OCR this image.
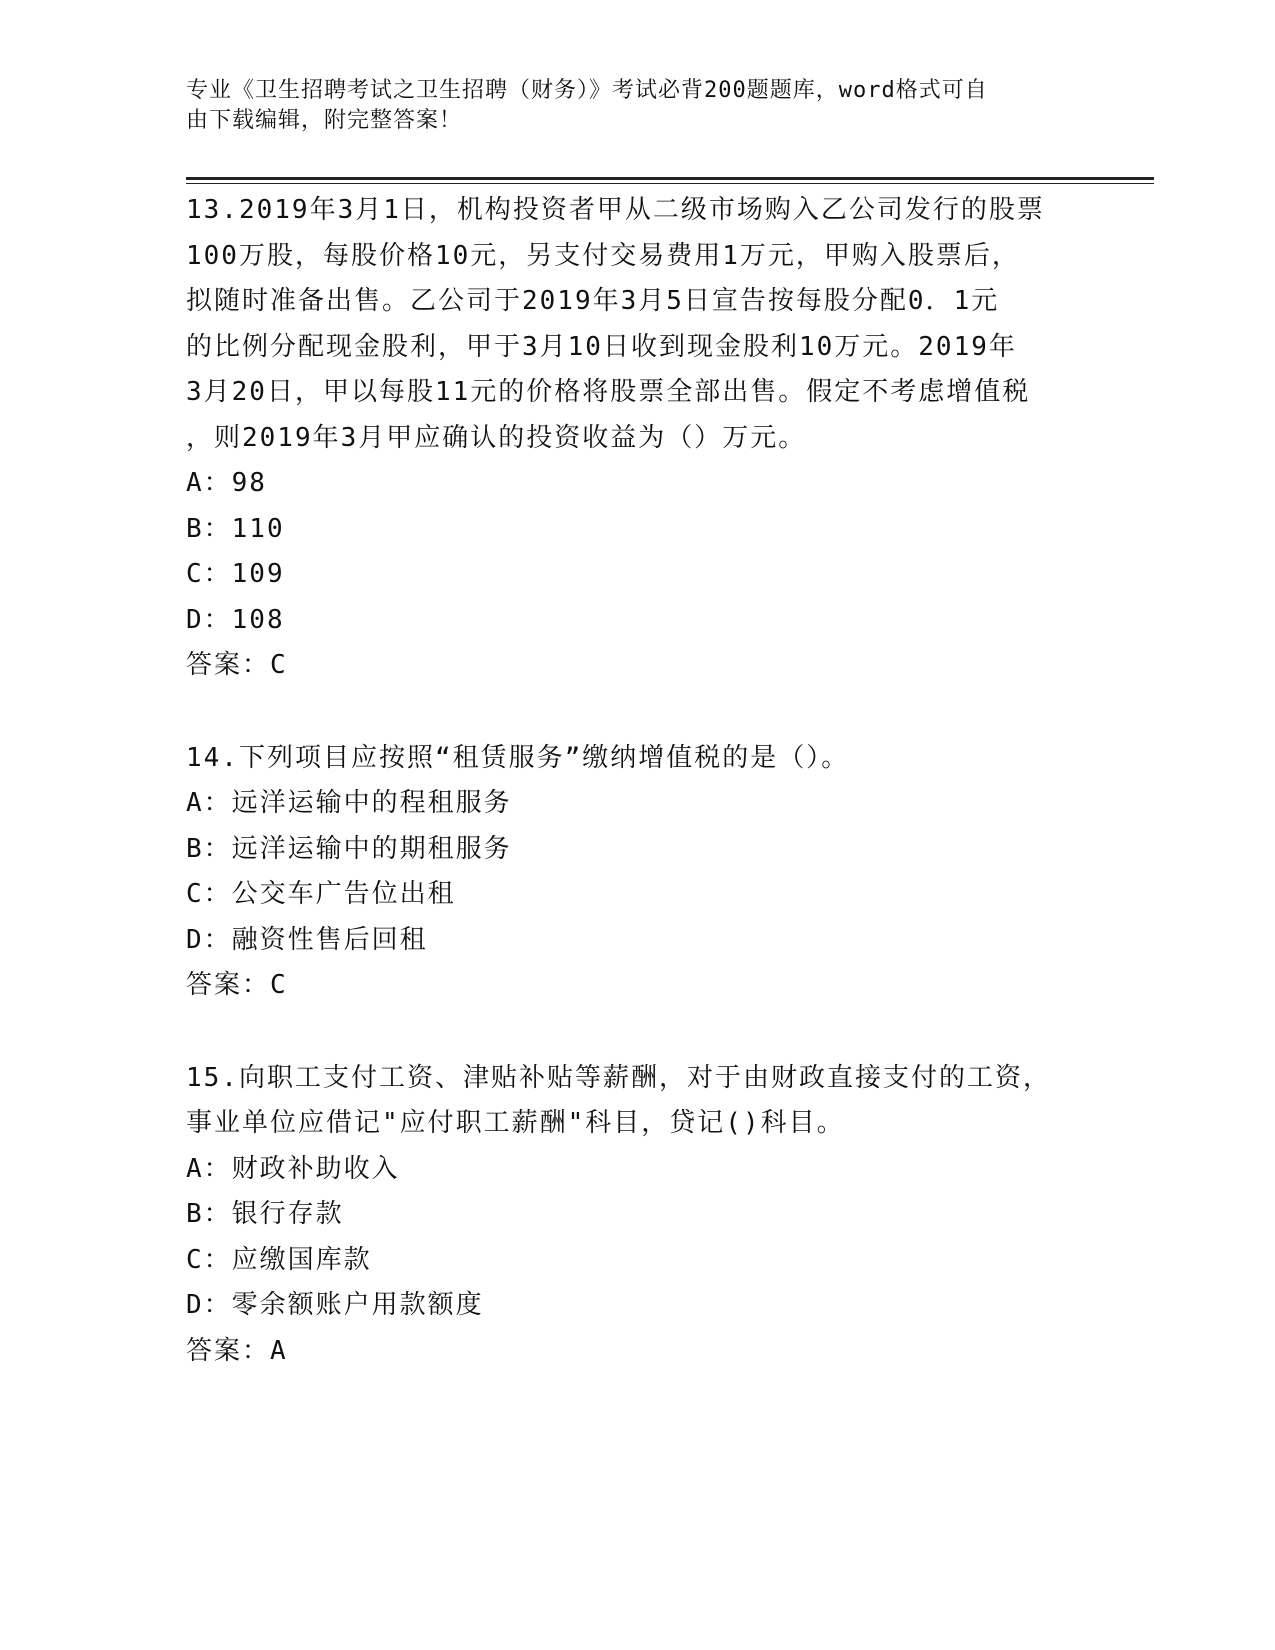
专业《卫生招聘考试之卫生招聘（财务）》考试必背200题题库，word格式可自
由下载编辑，附完整答案！
13.2019年3月1日，机构投资者甲从二级市场购入乙公司发行的股票
100万股，每股价格10元，另支付交易费用1万元，甲购入股票后，
拟随时准备出售。乙公司于2019年3月5日宣告按每股分配0．1元
的比例分配现金股利，甲于3月10日收到现金股利10万元。2019年
3月20日，甲以每股11元的价格将股票全部出售。假定不考虑增值税
，则2019年3月甲应确认的投资收益为（）万元。
A：98
B：110
C：109
D：108
答案：C
14.下列项目应按照“租赁服务”缴纳增值税的是（）。
A：远洋运输中的程租服务
B：远洋运输中的期租服务
C：公交车广告位出租
D：融资性售后回租
答案：C
15.向职工支付工资、津贴补贴等薪酬，对于由财政直接支付的工资，
事业单位应借记"应付职工薪酬"科目，贷记()科目。
A：财政补助收入
B：银行存款
C：应缴国库款
D：零余额账户用款额度
答案：A
